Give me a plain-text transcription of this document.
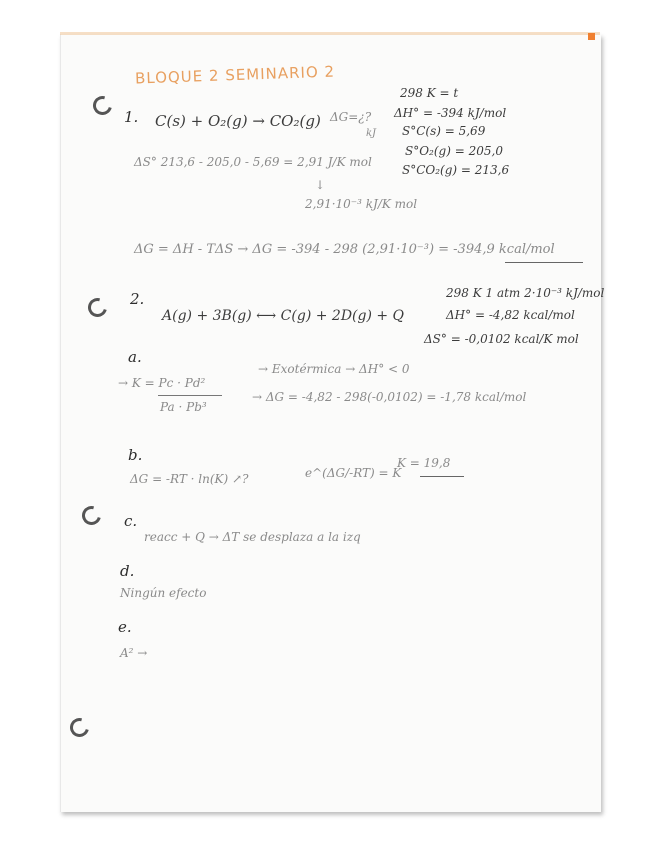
BLOQUE 2 SEMINARIO 2
1. C(s) + O₂(g) → CO₂(g) ΔG=¿?
298 K = t
ΔH° = -394 kJ/mol
kJ S°C(s) = 5,69
S°O₂(g) = 205,0
S°CO₂(g) = 213,6
ΔS° 213,6 - 205,0 - 5,69 = 2,91 J/K mol
↓
2,91·10⁻³ kJ/K mol
ΔG = ΔH - TΔS → ΔG = -394 - 298 (2,91·10⁻³) = -394,9 kcal/mol
2.
A(g) + 3B(g) ⟷ C(g) + 2D(g) + Q
298 K 1 atm 2·10⁻³ kJ/mol
ΔH° = -4,82 kcal/mol
ΔS° = -0,0102 kcal/K mol
a.
→ Exotérmica → ΔH° < 0
→ K = Pc · Pd²
Pa · Pb³
→ ΔG = -4,82 - 298(-0,0102) = -1,78 kcal/mol
b.
ΔG = -RT · ln(K) ↗?	e^(ΔG/-RT) = K
K = 19,8
c.
reacc + Q → ΔT se desplaza a la izq
d.
Ningún efecto
e.
A² →
